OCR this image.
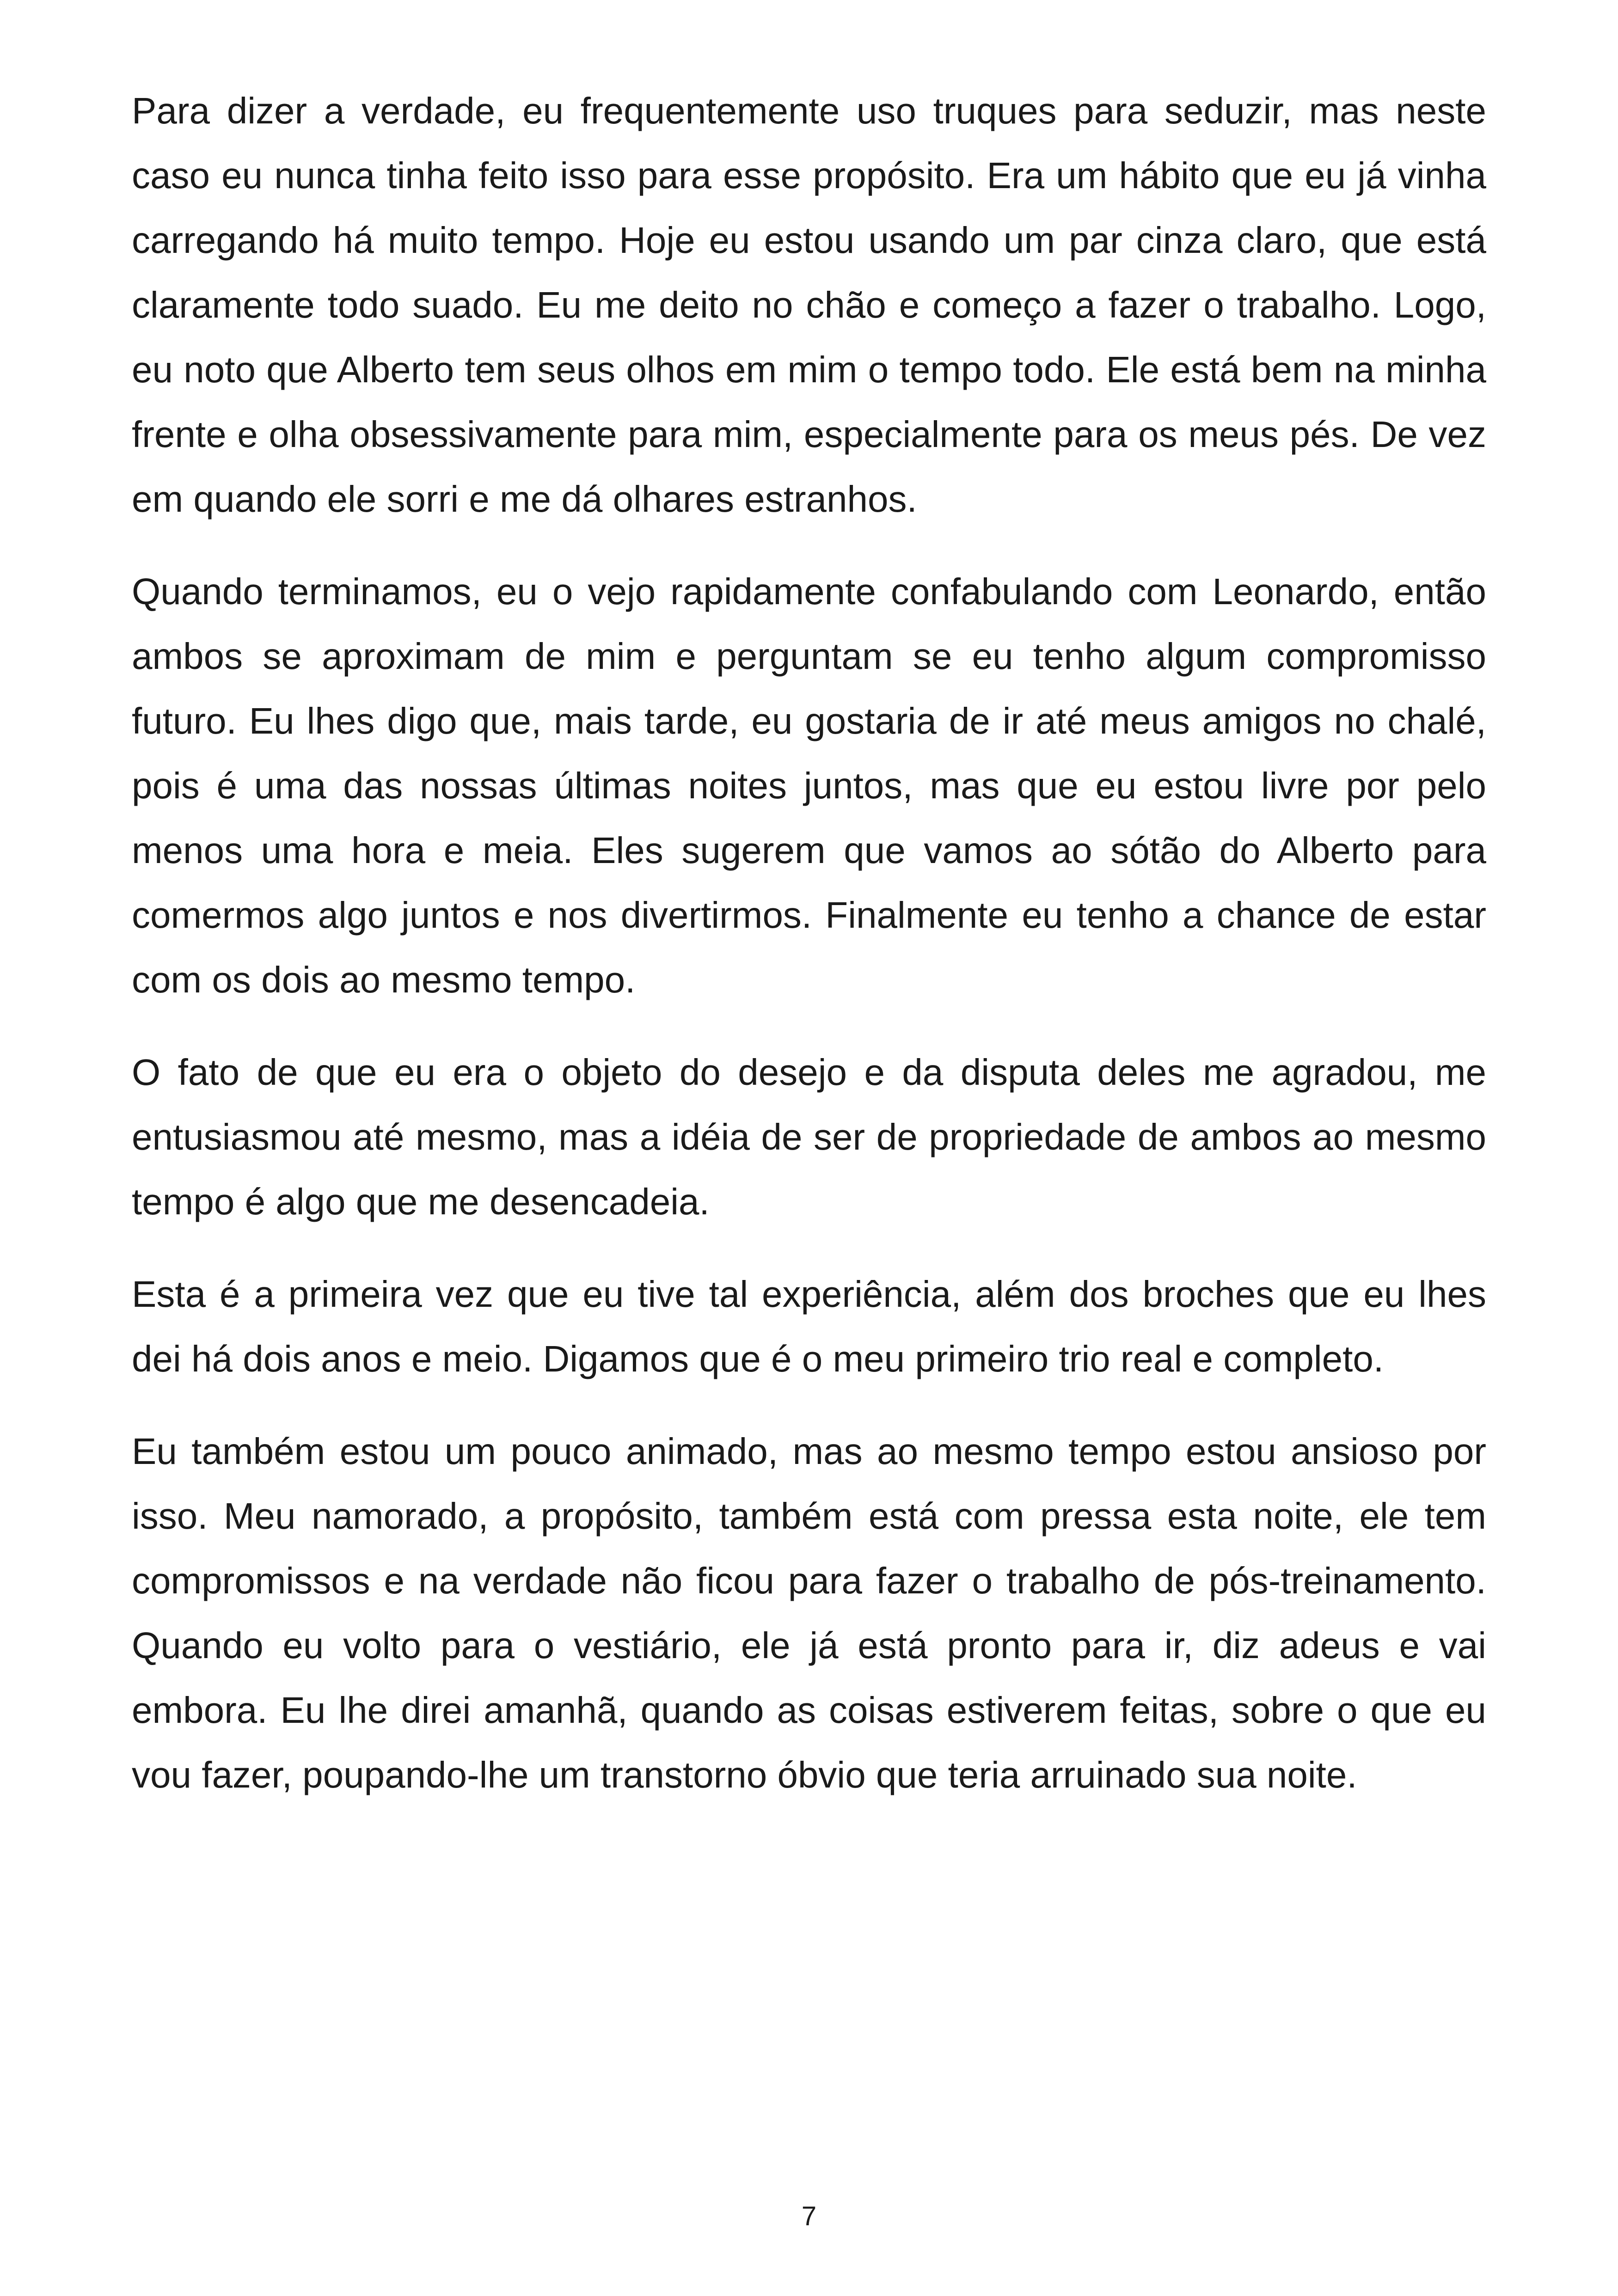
Para dizer a verdade, eu frequentemente uso truques para seduzir, mas neste caso eu nunca tinha feito isso para esse propósito. Era um hábito que eu já vinha carregando há muito tempo. Hoje eu estou usando um par cinza claro, que está claramente todo suado. Eu me deito no chão e começo a fazer o trabalho. Logo, eu noto que Alberto tem seus olhos em mim o tempo todo. Ele está bem na minha frente e olha obsessivamente para mim, especialmente para os meus pés. De vez em quando ele sorri e me dá olhares estranhos.

Quando terminamos, eu o vejo rapidamente confabulando com Leonardo, então ambos se aproximam de mim e perguntam se eu tenho algum compromisso futuro. Eu lhes digo que, mais tarde, eu gostaria de ir até meus amigos no chalé, pois é uma das nossas últimas noites juntos, mas que eu estou livre por pelo menos uma hora e meia. Eles sugerem que vamos ao sótão do Alberto para comermos algo juntos e nos divertirmos. Finalmente eu tenho a chance de estar com os dois ao mesmo tempo.

O fato de que eu era o objeto do desejo e da disputa deles me agradou, me entusiasmou até mesmo, mas a idéia de ser de propriedade de ambos ao mesmo tempo é algo que me desencadeia.

Esta é a primeira vez que eu tive tal experiência, além dos broches que eu lhes dei há dois anos e meio. Digamos que é o meu primeiro trio real e completo.

Eu também estou um pouco animado, mas ao mesmo tempo estou ansioso por isso. Meu namorado, a propósito, também está com pressa esta noite, ele tem compromissos e na verdade não ficou para fazer o trabalho de pós-treinamento. Quando eu volto para o vestiário, ele já está pronto para ir, diz adeus e vai embora. Eu lhe direi amanhã, quando as coisas estiverem feitas, sobre o que eu vou fazer, poupando-lhe um transtorno óbvio que teria arruinado sua noite.

7
